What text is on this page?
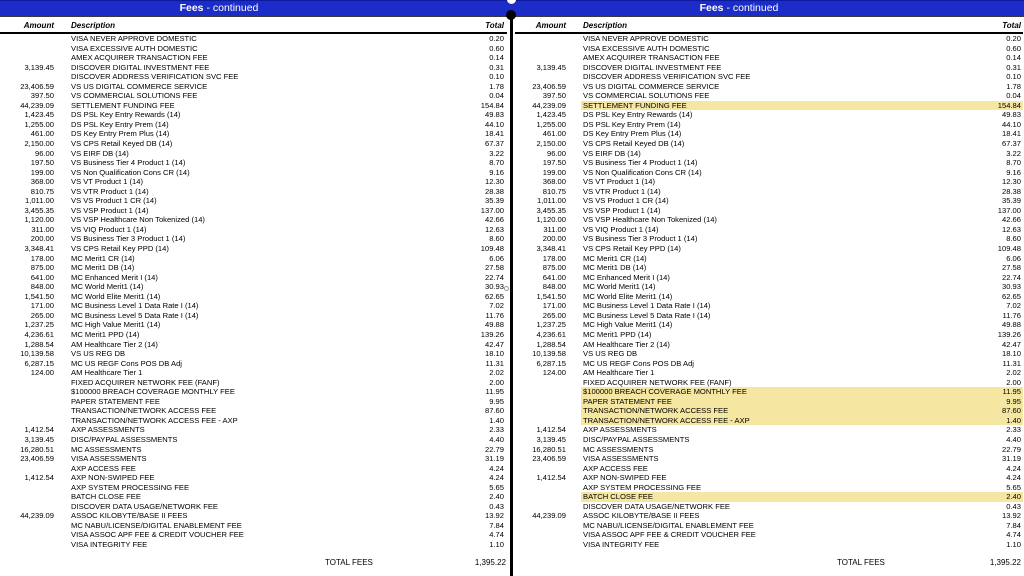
Fees - continued
Amount Description	Total
VISA NEVER APPROVE DOMESTIC	0.20
VISA EXCESSIVE AUTH DOMESTIC	0.60
AMEX ACQUIRER TRANSACTION FEE	0.14
3,139.45 DISCOVER DIGITAL INVESTMENT FEE	0.31
DISCOVER ADDRESS VERIFICATION SVC FEE	0.10
23,406.59 VS US DIGITAL COMMERCE SERVICE	1.78
397.50 VS COMMERCIAL SOLUTIONS FEE	0.04
44,239.09 SETTLEMENT FUNDING FEE	154.84
1,423.45 DS PSL Key Entry Rewards (14)	49.83
1,255.00 DS PSL Key Entry Prem (14)	44.10
461.00 DS Key Entry Prem Plus (14)	18.41
2,150.00 VS CPS Retail Keyed DB (14)	67.37
96.00 VS EIRF DB (14)	3.22
197.50 VS Business Tier 4 Product 1 (14)	8.70
199.00 VS Non Qualification Cons CR (14)	9.16
368.00 VS VT Product 1 (14)	12.30
810.75 VS VTR Product 1 (14)	28.38
1,011.00 VS VS Product 1 CR (14)	35.39
3,455.35 VS VSP Product 1 (14)	137.00
1,120.00 VS VSP Healthcare Non Tokenized (14)	42.66
311.00 VS VIQ Product 1 (14)	12.63
200.00 VS Business Tier 3 Product 1 (14)	8.60
3,348.41 VS CPS Retail Key PPD (14)	109.48
178.00 MC Merit1 CR (14)	6.06
875.00 MC Merit1 DB (14)	27.58
641.00 MC Enhanced Merit I (14)	22.74
848.00 MC World Merit1 (14)	30.93
1,541.50 MC World Elite Merit1 (14)	62.65
171.00 MC Business Level 1 Data Rate I (14)	7.02
265.00 MC Business Level 5 Data Rate I (14)	11.76
1,237.25 MC High Value Merit1 (14)	49.88
4,236.61 MC Merit1 PPD (14)	139.26
1,288.54 AM Healthcare Tier 2 (14)	42.47
10,139.58 VS US REG DB	18.10
6,287.15 MC US REGF Cons POS DB Adj	11.31
124.00 AM Healthcare Tier 1	2.02
FIXED ACQUIRER NETWORK FEE (FANF)	2.00
$100000 BREACH COVERAGE MONTHLY FEE	11.95
PAPER STATEMENT FEE	9.95
TRANSACTION/NETWORK ACCESS FEE	87.60
TRANSACTION/NETWORK ACCESS FEE - AXP	1.40
1,412.54 AXP ASSESSMENTS	2.33
3,139.45 DISC/PAYPAL ASSESSMENTS	4.40
16,280.51 MC ASSESSMENTS	22.79
23,406.59 VISA ASSESSMENTS	31.19
AXP ACCESS FEE	4.24
1,412.54 AXP NON-SWIPED FEE	4.24
AXP SYSTEM PROCESSING FEE	5.65
BATCH CLOSE FEE	2.40
DISCOVER DATA USAGE/NETWORK FEE	0.43
44,239.09 ASSOC KILOBYTE/BASE II FEES	13.92
MC NABU/LICENSE/DIGITAL ENABLEMENT FEE	7.84
VISA ASSOC APF FEE & CREDIT VOUCHER FEE	4.74
VISA INTEGRITY FEE	1.10
TOTAL FEES	1,395.22
Fees - continued
Amount Description	Total
VISA NEVER APPROVE DOMESTIC	0.20
VISA EXCESSIVE AUTH DOMESTIC	0.60
AMEX ACQUIRER TRANSACTION FEE	0.14
3,139.45 DISCOVER DIGITAL INVESTMENT FEE	0.31
DISCOVER ADDRESS VERIFICATION SVC FEE	0.10
23,406.59 VS US DIGITAL COMMERCE SERVICE	1.78
397.50 VS COMMERCIAL SOLUTIONS FEE	0.04
44,239.09 SETTLEMENT FUNDING FEE	154.84
1,423.45 DS PSL Key Entry Rewards (14)	49.83
1,255.00 DS PSL Key Entry Prem (14)	44.10
461.00 DS Key Entry Prem Plus (14)	18.41
2,150.00 VS CPS Retail Keyed DB (14)	67.37
96.00 VS EIRF DB (14)	3.22
197.50 VS Business Tier 4 Product 1 (14)	8.70
199.00 VS Non Qualification Cons CR (14)	9.16
368.00 VS VT Product 1 (14)	12.30
810.75 VS VTR Product 1 (14)	28.38
1,011.00 VS VS Product 1 CR (14)	35.39
3,455.35 VS VSP Product 1 (14)	137.00
1,120.00 VS VSP Healthcare Non Tokenized (14)	42.66
311.00 VS VIQ Product 1 (14)	12.63
200.00 VS Business Tier 3 Product 1 (14)	8.60
3,348.41 VS CPS Retail Key PPD (14)	109.48
178.00 MC Merit1 CR (14)	6.06
875.00 MC Merit1 DB (14)	27.58
641.00 MC Enhanced Merit I (14)	22.74
848.00 MC World Merit1 (14)	30.93
1,541.50 MC World Elite Merit1 (14)	62.65
171.00 MC Business Level 1 Data Rate I (14)	7.02
265.00 MC Business Level 5 Data Rate I (14)	11.76
1,237.25 MC High Value Merit1 (14)	49.88
4,236.61 MC Merit1 PPD (14)	139.26
1,288.54 AM Healthcare Tier 2 (14)	42.47
10,139.58 VS US REG DB	18.10
6,287.15 MC US REGF Cons POS DB Adj	11.31
124.00 AM Healthcare Tier 1	2.02
FIXED ACQUIRER NETWORK FEE (FANF)	2.00
$100000 BREACH COVERAGE MONTHLY FEE	11.95
PAPER STATEMENT FEE	9.95
TRANSACTION/NETWORK ACCESS FEE	87.60
TRANSACTION/NETWORK ACCESS FEE - AXP	1.40
1,412.54 AXP ASSESSMENTS	2.33
3,139.45 DISC/PAYPAL ASSESSMENTS	4.40
16,280.51 MC ASSESSMENTS	22.79
23,406.59 VISA ASSESSMENTS	31.19
AXP ACCESS FEE	4.24
1,412.54 AXP NON-SWIPED FEE	4.24
AXP SYSTEM PROCESSING FEE	5.65
BATCH CLOSE FEE	2.40
DISCOVER DATA USAGE/NETWORK FEE	0.43
44,239.09 ASSOC KILOBYTE/BASE II FEES	13.92
MC NABU/LICENSE/DIGITAL ENABLEMENT FEE	7.84
VISA ASSOC APF FEE & CREDIT VOUCHER FEE	4.74
VISA INTEGRITY FEE	1.10
TOTAL FEES	1,395.22
